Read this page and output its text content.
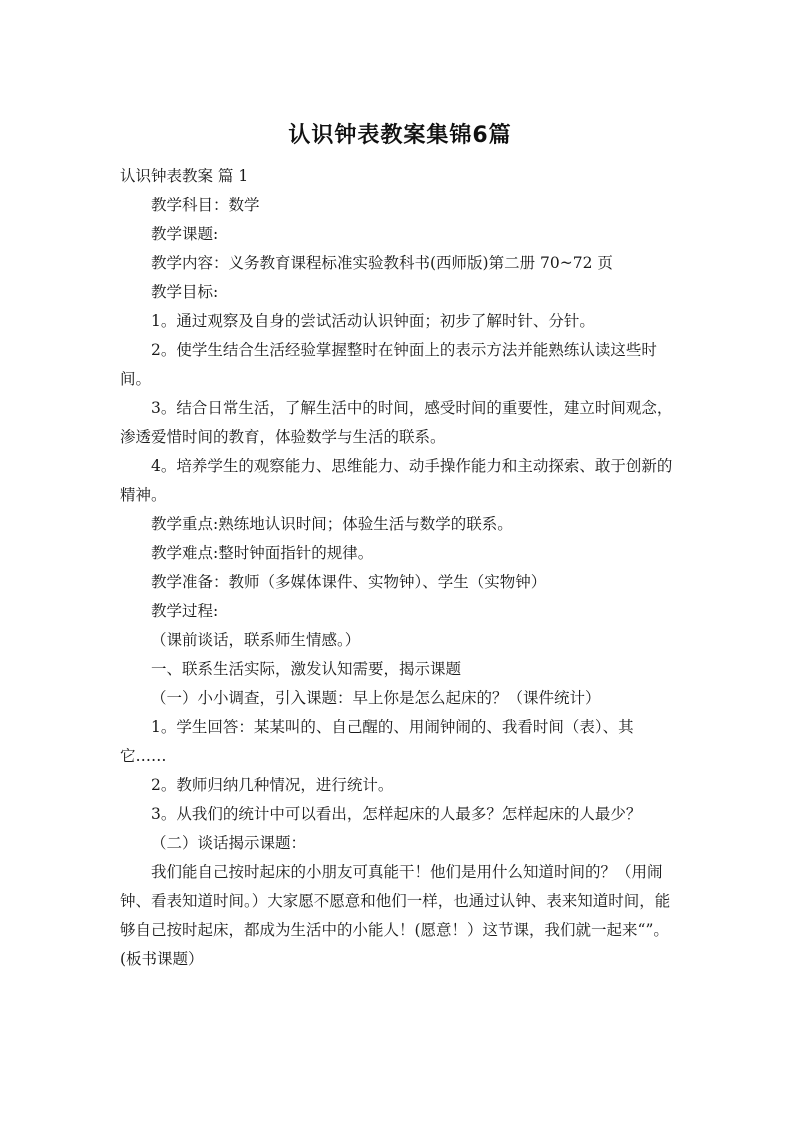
认识钟表教案集锦6篇

认识钟表教案 篇 1

教学科目：数学

教学课题:

教学内容：义务教育课程标准实验教科书(西师版)第二册 70~72 页

教学目标:

1。通过观察及自身的尝试活动认识钟面；初步了解时针、分针。

2。使学生结合生活经验掌握整时在钟面上的表示方法并能熟练认读这些时间。

3。结合日常生活，了解生活中的时间，感受时间的重要性，建立时间观念，渗透爱惜时间的教育，体验数学与生活的联系。

4。培养学生的观察能力、思维能力、动手操作能力和主动探索、敢于创新的精神。

教学重点:熟练地认识时间；体验生活与数学的联系。

教学难点:整时钟面指针的规律。

教学准备：教师（多媒体课件、实物钟）、学生（实物钟）

教学过程:

（课前谈话，联系师生情感。）

一、联系生活实际，激发认知需要，揭示课题

（一）小小调查，引入课题：早上你是怎么起床的？（课件统计）

1。学生回答：某某叫的、自己醒的、用闹钟闹的、我看时间（表）、其它……

2。教师归纳几种情况，进行统计。

3。从我们的统计中可以看出，怎样起床的人最多？怎样起床的人最少？

（二）谈话揭示课题：

我们能自己按时起床的小朋友可真能干！他们是用什么知道时间的？（用闹钟、看表知道时间。）大家愿不愿意和他们一样，也通过认钟、表来知道时间，能够自己按时起床，都成为生活中的小能人！(愿意！）这节课，我们就一起来“”。(板书课题）
